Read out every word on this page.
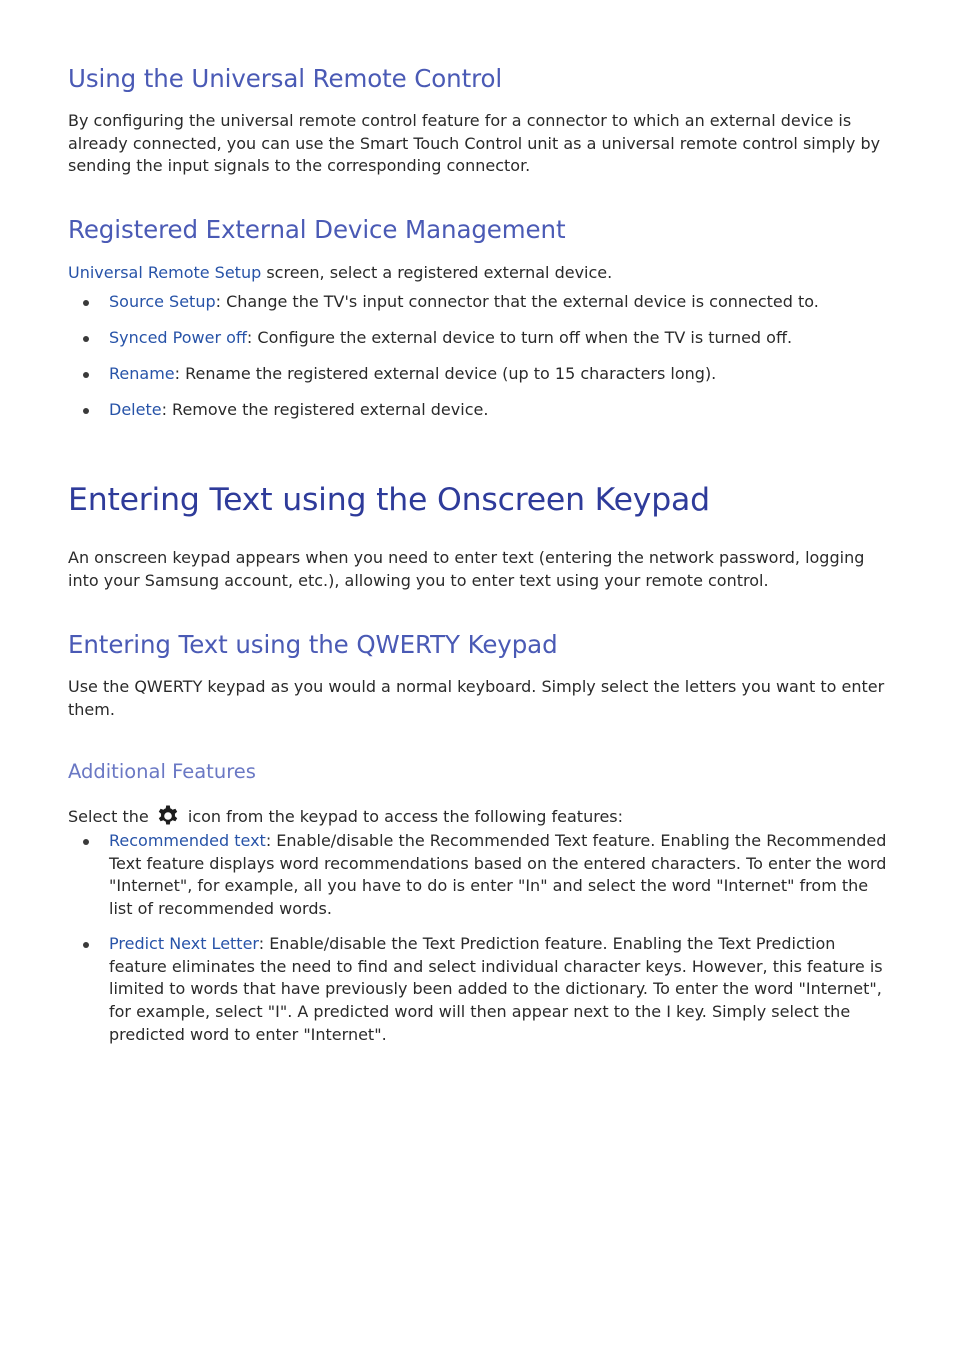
Using the Universal Remote Control

By configuring the universal remote control feature for a connector to which an external device is already connected, you can use the Smart Touch Control unit as a universal remote control simply by sending the input signals to the corresponding connector.

Registered External Device Management

Universal Remote Setup screen, select a registered external device.

Source Setup: Change the TV's input connector that the external device is connected to.
Synced Power off: Configure the external device to turn off when the TV is turned off.
Rename: Rename the registered external device (up to 15 characters long).
Delete: Remove the registered external device.
Entering Text using the Onscreen Keypad

An onscreen keypad appears when you need to enter text (entering the network password, logging into your Samsung account, etc.), allowing you to enter text using your remote control.

Entering Text using the QWERTY Keypad

Use the QWERTY keypad as you would a normal keyboard. Simply select the letters you want to enter them.

Additional Features

Select the  icon from the keypad to access the following features:

Recommended text: Enable/disable the Recommended Text feature. Enabling the Recommended Text feature displays word recommendations based on the entered characters. To enter the word "Internet", for example, all you have to do is enter "In" and select the word "Internet" from the list of recommended words.
Predict Next Letter: Enable/disable the Text Prediction feature. Enabling the Text Prediction feature eliminates the need to find and select individual character keys. However, this feature is limited to words that have previously been added to the dictionary. To enter the word "Internet", for example, select "I". A predicted word will then appear next to the I key. Simply select the predicted word to enter "Internet".
